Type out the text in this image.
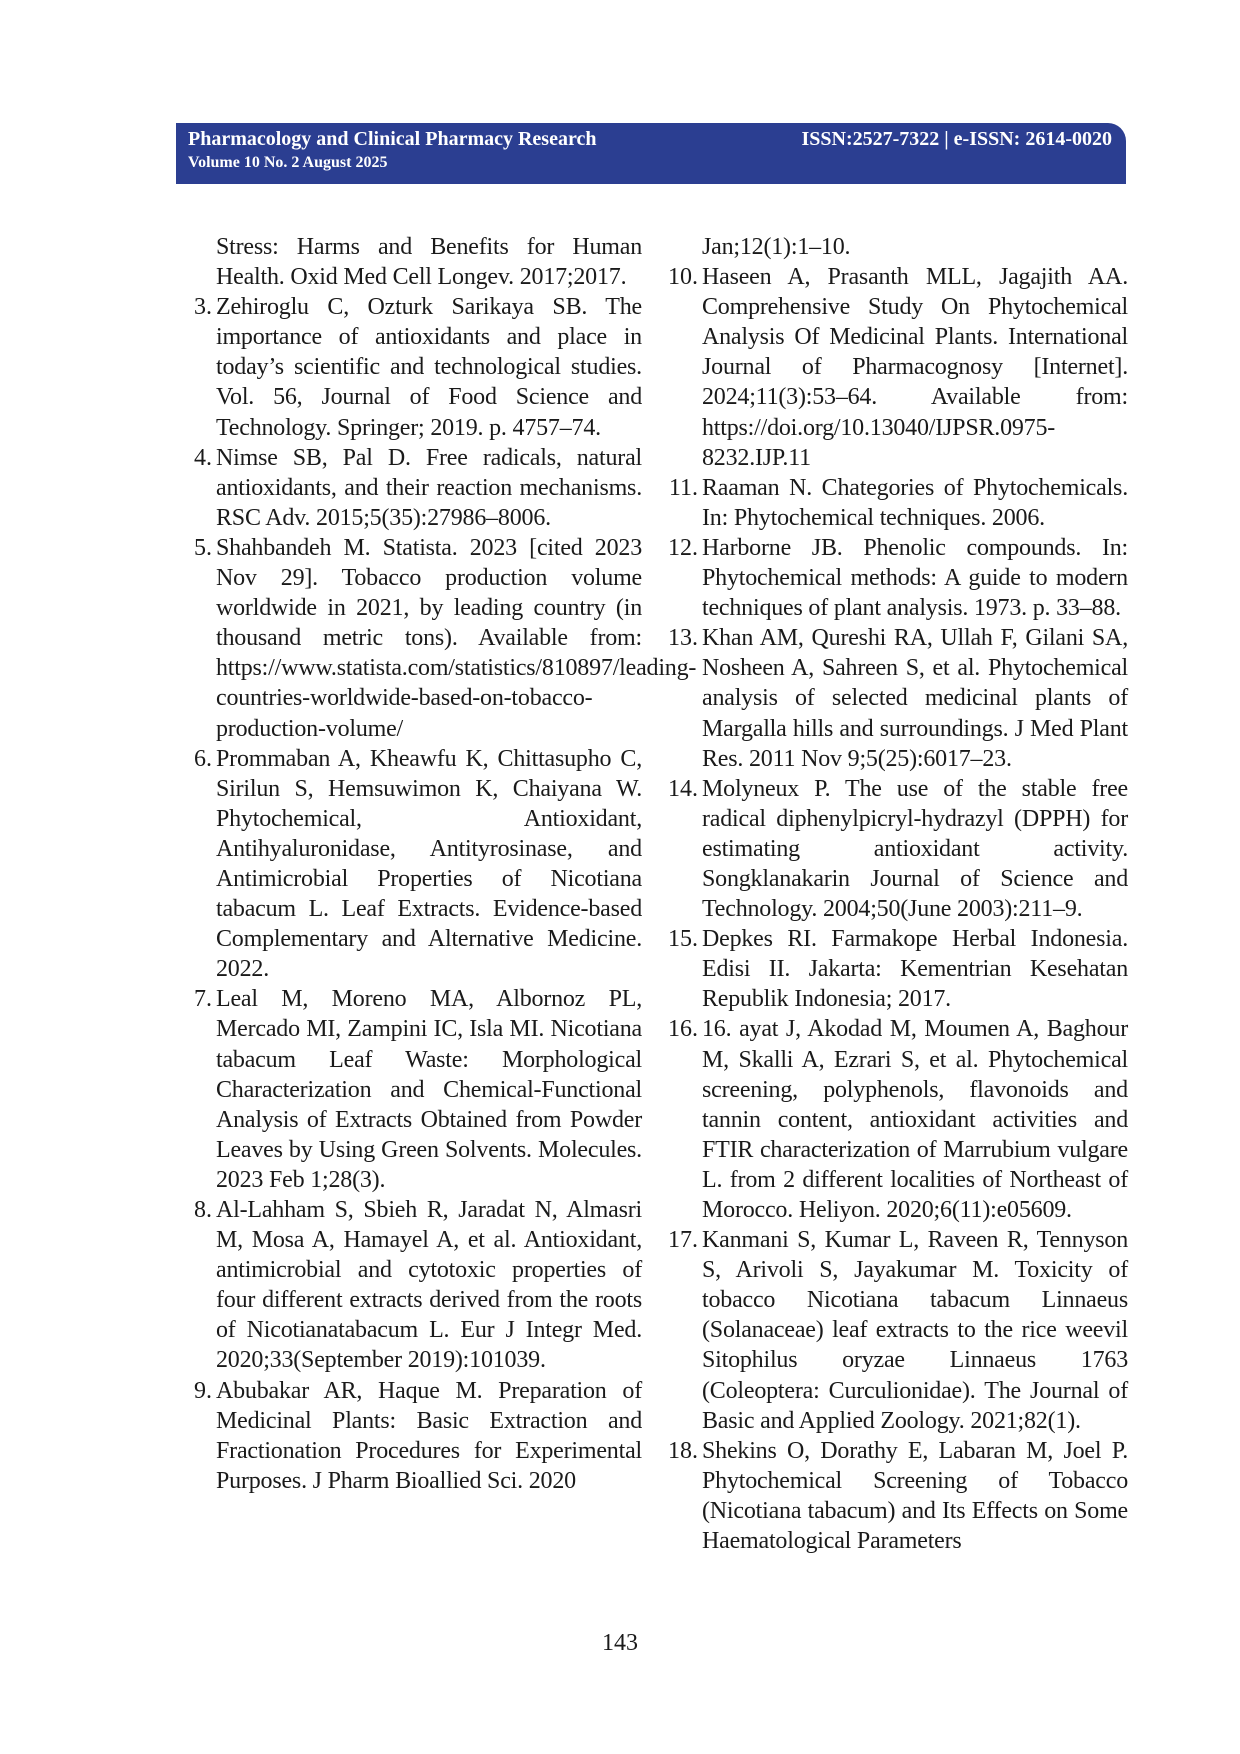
Pharmacology and Clinical Pharmacy Research	ISSN:2527-7322 | e-ISSN: 2614-0020
Volume 10 No. 2 August 2025
Stress: Harms and Benefits for Human Health. Oxid Med Cell Longev. 2017;2017.
3. Zehiroglu C, Ozturk Sarikaya SB. The importance of antioxidants and place in today’s scientific and technological studies. Vol. 56, Journal of Food Science and Technology. Springer; 2019. p. 4757–74.
4. Nimse SB, Pal D. Free radicals, natural antioxidants, and their reaction mechanisms. RSC Adv. 2015;5(35):27986–8006.
5. Shahbandeh M. Statista. 2023 [cited 2023 Nov 29]. Tobacco production volume worldwide in 2021, by leading country (in thousand metric tons). Available from: https://www.statista.com/statistics/810897/leading-countries-worldwide-based-on-tobacco-production-volume/
6. Prommaban A, Kheawfu K, Chittasupho C, Sirilun S, Hemsuwimon K, Chaiyana W. Phytochemical, Antioxidant, Antihyaluronidase, Antityrosinase, and Antimicrobial Properties of Nicotiana tabacum L. Leaf Extracts. Evidence-based Complementary and Alternative Medicine. 2022.
7. Leal M, Moreno MA, Albornoz PL, Mercado MI, Zampini IC, Isla MI. Nicotiana tabacum Leaf Waste: Morphological Characterization and Chemical-Functional Analysis of Extracts Obtained from Powder Leaves by Using Green Solvents. Molecules. 2023 Feb 1;28(3).
8. Al-Lahham S, Sbieh R, Jaradat N, Almasri M, Mosa A, Hamayel A, et al. Antioxidant, antimicrobial and cytotoxic properties of four different extracts derived from the roots of Nicotianatabacum L. Eur J Integr Med. 2020;33(September 2019):101039.
9. Abubakar AR, Haque M. Preparation of Medicinal Plants: Basic Extraction and Fractionation Procedures for Experimental Purposes. J Pharm Bioallied Sci. 2020
Jan;12(1):1–10.
10. Haseen A, Prasanth MLL, Jagajith AA. Comprehensive Study On Phytochemical Analysis Of Medicinal Plants. International Journal of Pharmacognosy [Internet]. 2024;11(3):53–64. Available from: https://doi.org/10.13040/IJPSR.0975-8232.IJP.11
11. Raaman N. Chategories of Phytochemicals. In: Phytochemical techniques. 2006.
12. Harborne JB. Phenolic compounds. In: Phytochemical methods: A guide to modern techniques of plant analysis. 1973. p. 33–88.
13. Khan AM, Qureshi RA, Ullah F, Gilani SA, Nosheen A, Sahreen S, et al. Phytochemical analysis of selected medicinal plants of Margalla hills and surroundings. J Med Plant Res. 2011 Nov 9;5(25):6017–23.
14. Molyneux P. The use of the stable free radical diphenylpicryl-hydrazyl (DPPH) for estimating antioxidant activity. Songklanakarin Journal of Science and Technology. 2004;50(June 2003):211–9.
15. Depkes RI. Farmakope Herbal Indonesia. Edisi II. Jakarta: Kementrian Kesehatan Republik Indonesia; 2017.
16. 16. ayat J, Akodad M, Moumen A, Baghour M, Skalli A, Ezrari S, et al. Phytochemical screening, polyphenols, flavonoids and tannin content, antioxidant activities and FTIR characterization of Marrubium vulgare L. from 2 different localities of Northeast of Morocco. Heliyon. 2020;6(11):e05609.
17. Kanmani S, Kumar L, Raveen R, Tennyson S, Arivoli S, Jayakumar M. Toxicity of tobacco Nicotiana tabacum Linnaeus (Solanaceae) leaf extracts to the rice weevil Sitophilus oryzae Linnaeus 1763 (Coleoptera: Curculionidae). The Journal of Basic and Applied Zoology. 2021;82(1).
18. Shekins O, Dorathy E, Labaran M, Joel P. Phytochemical Screening of Tobacco (Nicotiana tabacum) and Its Effects on Some Haematological Parameters
143
